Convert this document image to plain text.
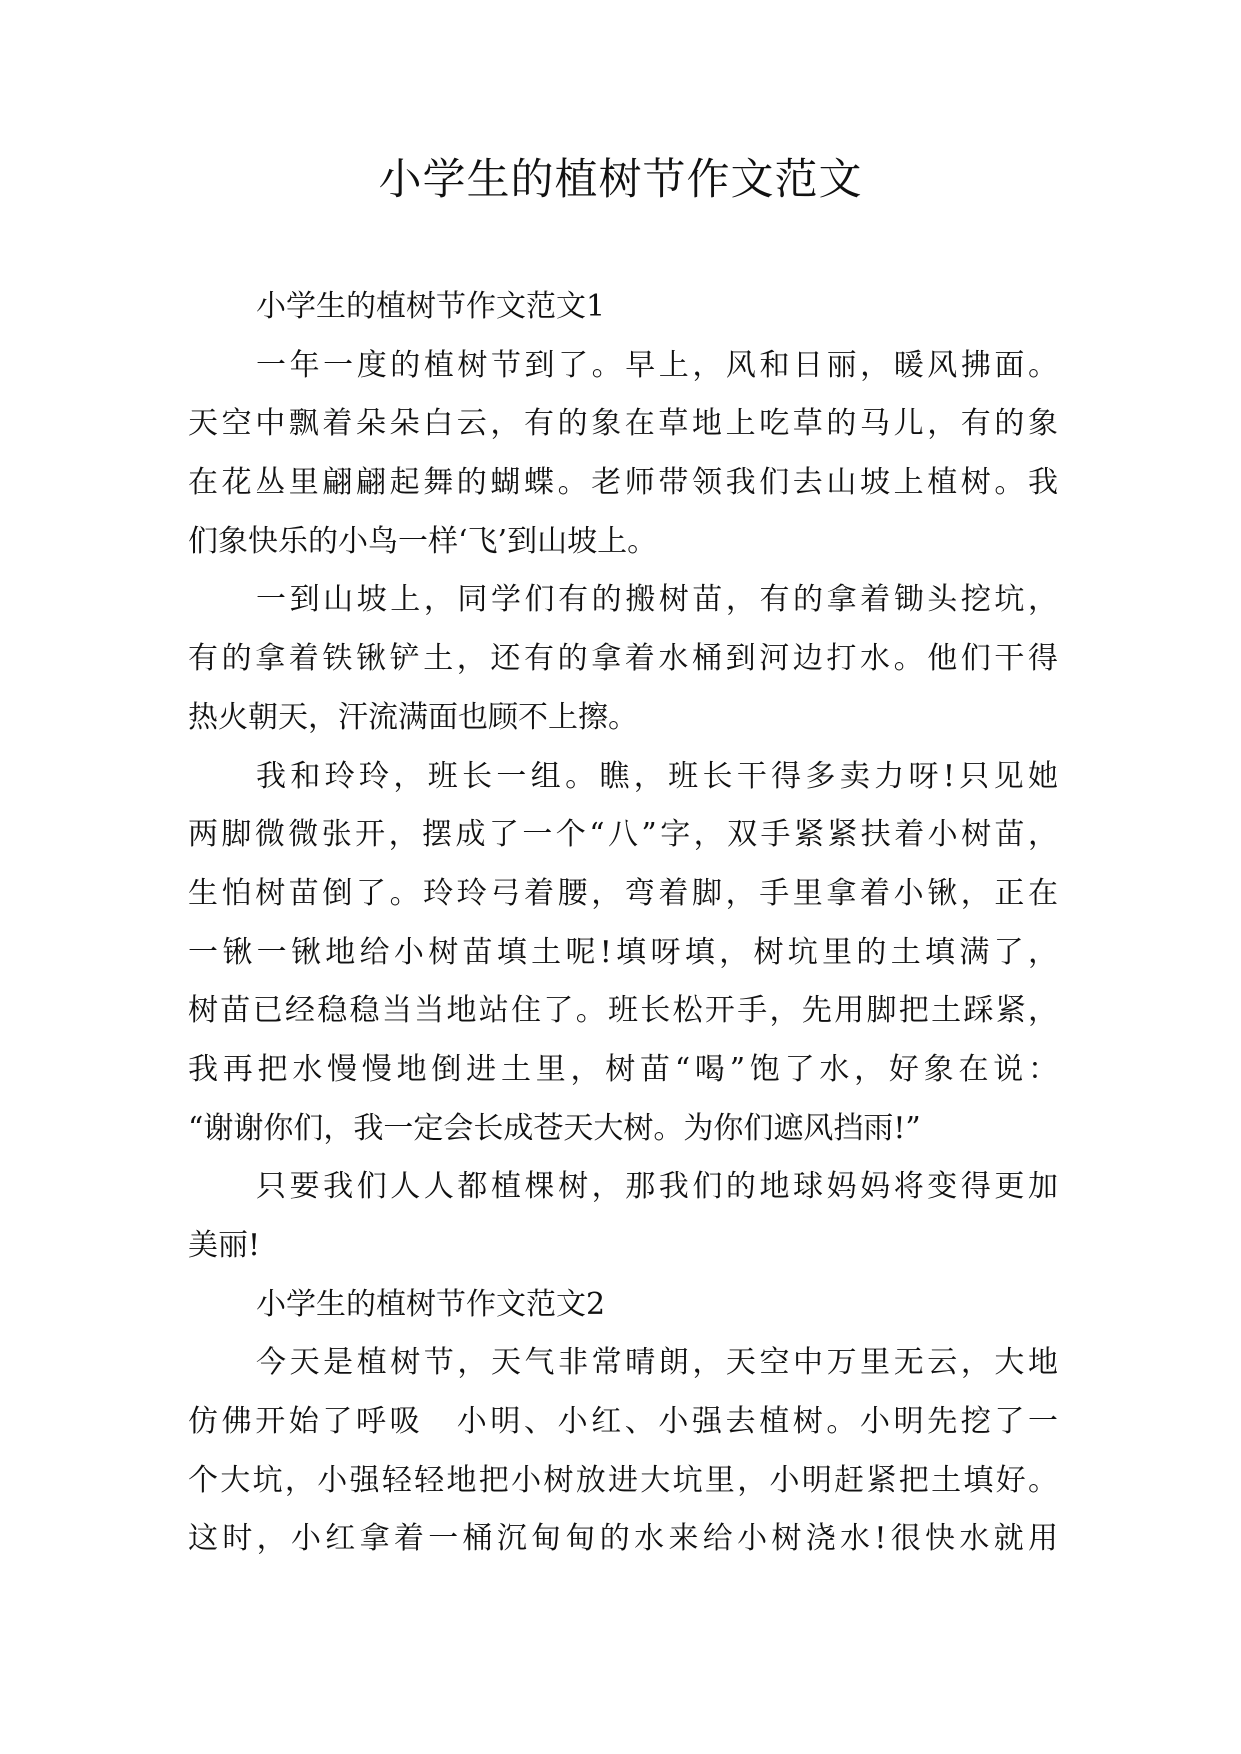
小学生的植树节作文范文
小学生的植树节作文范文1
一年一度的植树节到了。早上，风和日丽，暖风拂面。
天空中飘着朵朵白云，有的象在草地上吃草的马儿，有的象
在花丛里翩翩起舞的蝴蝶。老师带领我们去山坡上植树。我
们象快乐的小鸟一样‘飞’到山坡上。
一到山坡上，同学们有的搬树苗，有的拿着锄头挖坑，
有的拿着铁锹铲土，还有的拿着水桶到河边打水。他们干得
热火朝天，汗流满面也顾不上擦。
我和玲玲，班长一组。瞧，班长干得多卖力呀!只见她
两脚微微张开，摆成了一个“八”字，双手紧紧扶着小树苗，
生怕树苗倒了。玲玲弓着腰，弯着脚，手里拿着小锹，正在
一锹一锹地给小树苗填土呢!填呀填，树坑里的土填满了，
树苗已经稳稳当当地站住了。班长松开手，先用脚把土踩紧，
我再把水慢慢地倒进土里，树苗“喝”饱了水，好象在说：
“谢谢你们，我一定会长成苍天大树。为你们遮风挡雨!”
只要我们人人都植棵树，那我们的地球妈妈将变得更加
美丽!
小学生的植树节作文范文2
今天是植树节，天气非常晴朗，天空中万里无云，大地
仿佛开始了呼吸　小明、小红、小强去植树。小明先挖了一
个大坑，小强轻轻地把小树放进大坑里，小明赶紧把土填好。
这时，小红拿着一桶沉甸甸的水来给小树浇水!很快水就用
